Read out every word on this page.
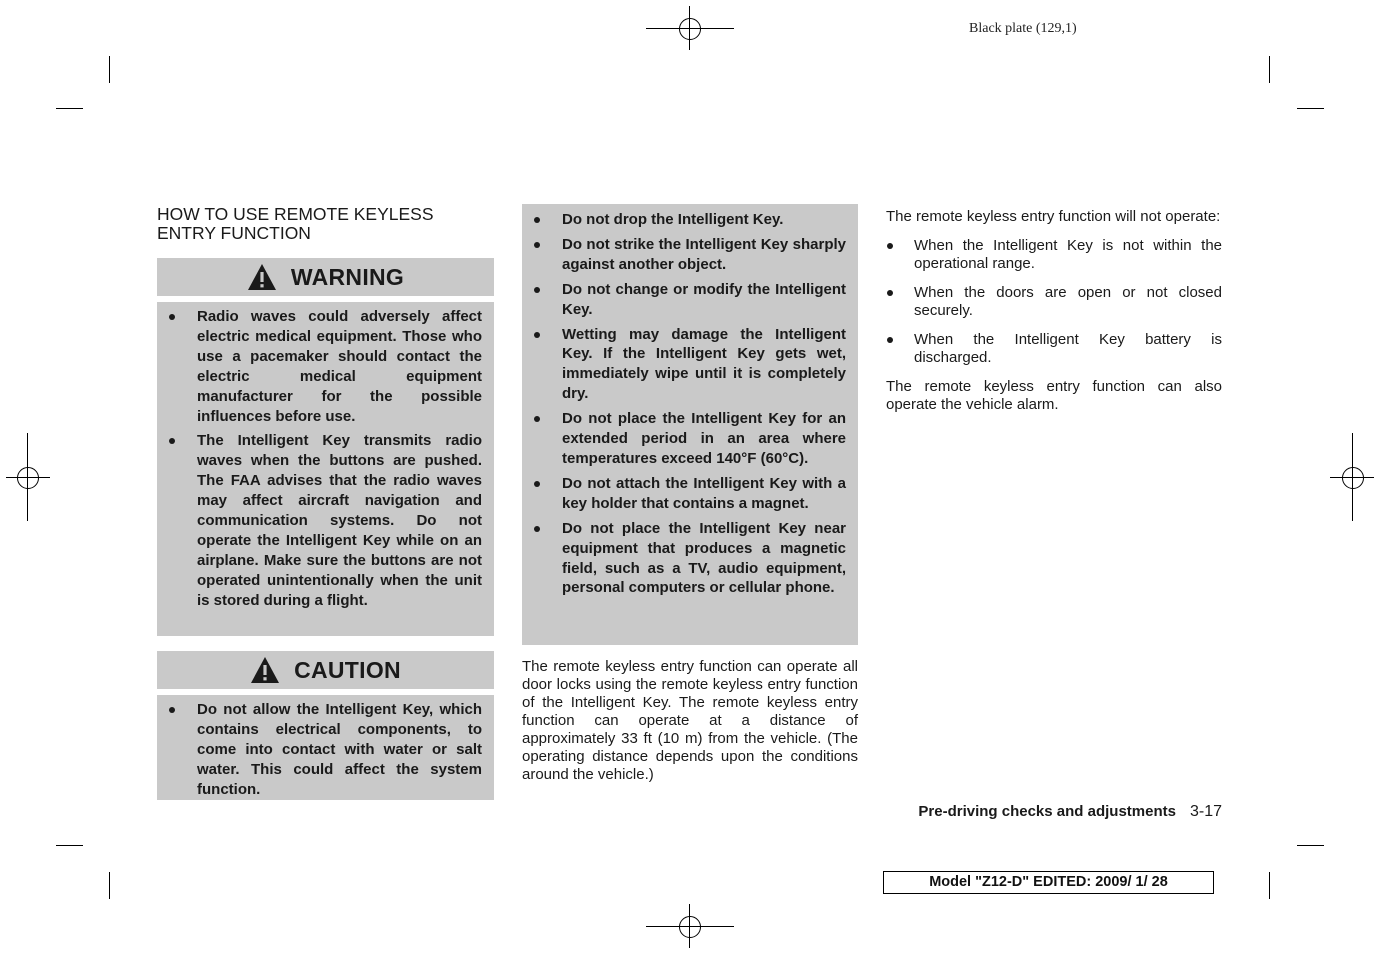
Black plate (129,1)
HOW TO USE REMOTE KEYLESS
ENTRY FUNCTION
WARNING
Radio waves could adversely affect electric medical equipment. Those who use a pacemaker should contact the electric medical equipment manufacturer for the possible influences before use.
The Intelligent Key transmits radio waves when the buttons are pushed. The FAA advises that the radio waves may affect aircraft navigation and communication systems. Do not operate the Intelligent Key while on an airplane. Make sure the buttons are not operated unintentionally when the unit is stored during a flight.
CAUTION
Do not allow the Intelligent Key, which contains electrical components, to come into contact with water or salt water. This could affect the system function.
Do not drop the Intelligent Key.
Do not strike the Intelligent Key sharply against another object.
Do not change or modify the Intelligent Key.
Wetting may damage the Intelligent Key. If the Intelligent Key gets wet, immediately wipe until it is completely dry.
Do not place the Intelligent Key for an extended period in an area where temperatures exceed 140°F (60°C).
Do not attach the Intelligent Key with a key holder that contains a magnet.
Do not place the Intelligent Key near equipment that produces a magnetic field, such as a TV, audio equipment, personal computers or cellular phone.
The remote keyless entry function can operate all door locks using the remote keyless entry function of the Intelligent Key. The remote keyless entry function can operate at a distance of approximately 33 ft (10 m) from the vehicle. (The operating distance depends upon the conditions around the vehicle.)
The remote keyless entry function will not operate:
When the Intelligent Key is not within the operational range.
When the doors are open or not closed securely.
When the Intelligent Key battery is discharged.
The remote keyless entry function can also operate the vehicle alarm.
Pre-driving checks and adjustments 3-17
Model "Z12-D" EDITED: 2009/ 1/ 28
